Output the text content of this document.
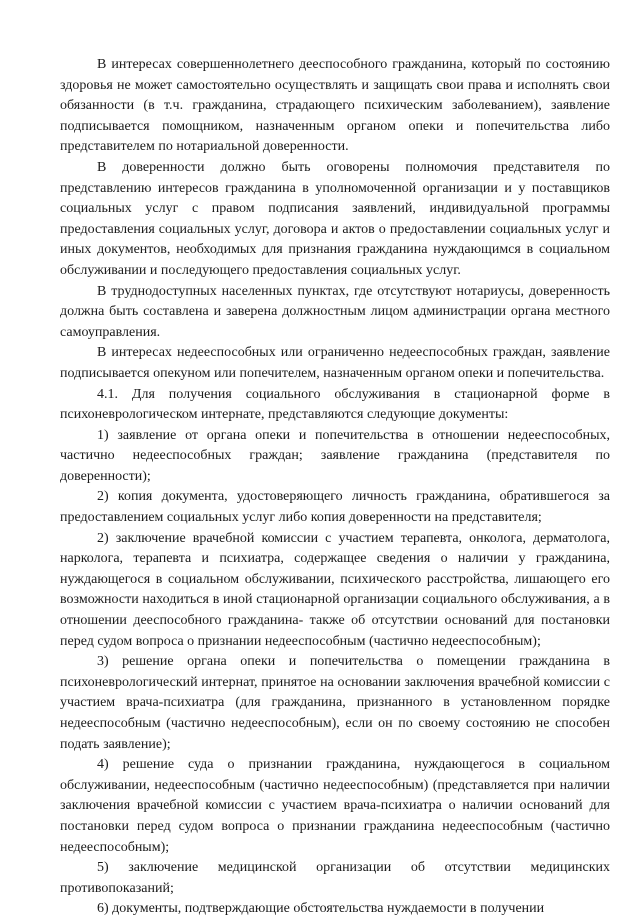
В интересах совершеннолетнего дееспособного гражданина, который по состоянию здоровья не может самостоятельно осуществлять и защищать свои права и исполнять свои обязанности (в т.ч. гражданина, страдающего психическим заболеванием), заявление подписывается помощником, назначенным органом опеки и попечительства либо представителем по нотариальной доверенности.

В доверенности должно быть оговорены полномочия представителя по представлению интересов гражданина в уполномоченной организации и у поставщиков социальных услуг с правом подписания заявлений, индивидуальной программы предоставления социальных услуг, договора и актов о предоставлении социальных услуг и иных документов, необходимых для признания гражданина нуждающимся в социальном обслуживании и последующего предоставления социальных услуг.

В труднодоступных населенных пунктах, где отсутствуют нотариусы, доверенность должна быть составлена и заверена должностным лицом администрации органа местного самоуправления.

В интересах недееспособных или ограниченно недееспособных граждан, заявление подписывается опекуном или попечителем, назначенным органом опеки и попечительства.

4.1. Для получения социального обслуживания в стационарной форме в психоневрологическом интернате, представляются следующие документы:

1) заявление от органа опеки и попечительства в отношении недееспособных, частично недееспособных граждан; заявление гражданина (представителя по доверенности);

2) копия документа, удостоверяющего личность гражданина, обратившегося за предоставлением социальных услуг либо копия доверенности на представителя;

2) заключение врачебной комиссии с участием терапевта, онколога, дерматолога, нарколога, терапевта и психиатра, содержащее сведения о наличии у гражданина, нуждающегося в социальном обслуживании, психического расстройства, лишающего его возможности находиться в иной стационарной организации социального обслуживания, а в отношении дееспособного гражданина- также об отсутствии оснований для постановки перед судом вопроса о признании недееспособным (частично недееспособным);

3) решение органа опеки и попечительства о помещении гражданина в психоневрологический интернат, принятое на основании заключения врачебной комиссии с участием врача-психиатра (для гражданина, признанного в установленном порядке недееспособным (частично недееспособным), если он по своему состоянию не способен подать заявление);

4) решение суда о признании гражданина, нуждающегося в социальном обслуживании, недееспособным (частично недееспособным) (представляется при наличии заключения врачебной комиссии с участием врача-психиатра о наличии оснований для постановки перед судом вопроса о признании гражданина недееспособным (частично недееспособным);

5) заключение медицинской организации об отсутствии медицинских противопоказаний;

6) документы, подтверждающие обстоятельства нуждаемости в получении
